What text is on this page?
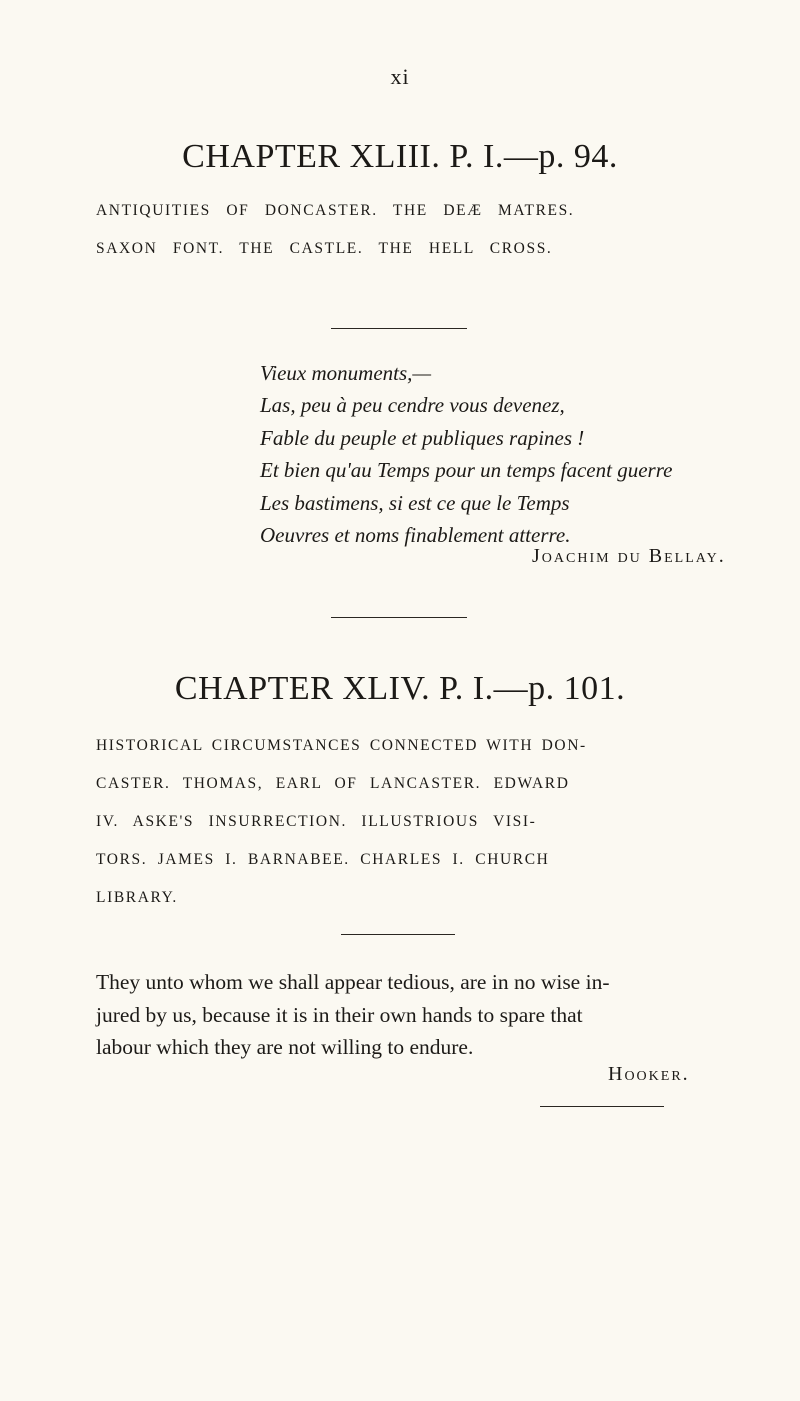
xi
CHAPTER XLIII. P. I.—p. 94.
ANTIQUITIES OF DONCASTER. THE DEÆ MATRES.
SAXON FONT. THE CASTLE. THE HELL CROSS.
Vieux monuments,—
Las, peu à peu cendre vous devenez,
Fable du peuple et publiques rapines !
Et bien qu'au Temps pour un temps facent guerre
Les bastimens, si est ce que le Temps
Oeuvres et noms finablement atterre.
Joachim du Bellay.
CHAPTER XLIV. P. I.—p. 101.
HISTORICAL CIRCUMSTANCES CONNECTED WITH DON-
CASTER. THOMAS, EARL OF LANCASTER. EDWARD
IV. ASKE'S INSURRECTION. ILLUSTRIOUS VISI-
TORS. JAMES I. BARNABEE. CHARLES I. CHURCH
LIBRARY.
They unto whom we shall appear tedious, are in no wise in-
jured by us, because it is in their own hands to spare that
labour which they are not willing to endure.
Hooker.
